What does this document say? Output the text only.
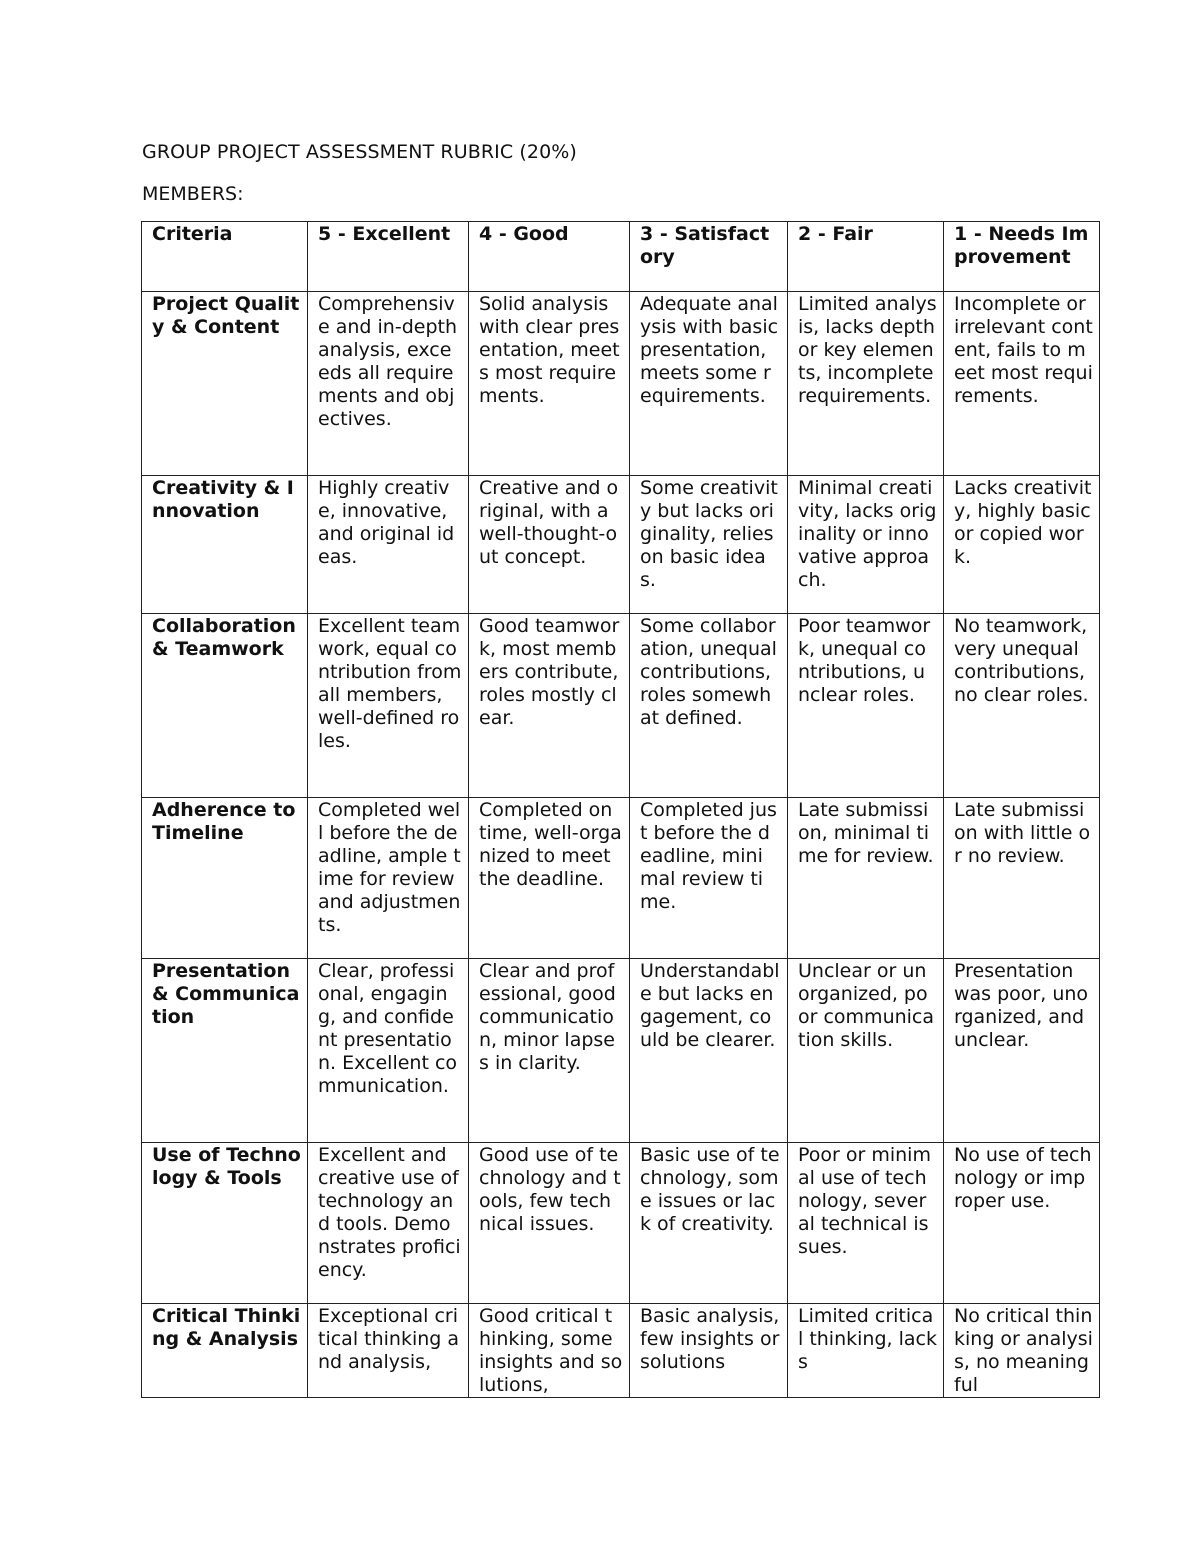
GROUP PROJECT ASSESSMENT RUBRIC (20%)
MEMBERS:
Criteria	5 - Excellent	4 - Good	3 - Satisfactory	2 - Fair	1 - Needs Improvement
Project Quality & Content	Comprehensive and in-depth analysis, exceeds all requirements and objectives.	Solid analysis with clear presentation, meets most requirements.	Adequate analysis with basic presentation, meets some requirements.	Limited analysis, lacks depth or key elements, incomplete requirements.	Incomplete or irrelevant content, fails to meet most requirements.
Creativity & Innovation	Highly creative, innovative, and original ideas.	Creative and original, with a well-thought-out concept.	Some creativity but lacks originality, relies on basic ideas.	Minimal creativity, lacks originality or innovative approach.	Lacks creativity, highly basic or copied work.
Collaboration & Teamwork	Excellent teamwork, equal contribution from all members, well-defined roles.	Good teamwork, most members contribute, roles mostly clear.	Some collaboration, unequal contributions, roles somewhat defined.	Poor teamwork, unequal contributions, unclear roles.	No teamwork, very unequal contributions, no clear roles.
Adherence to Timeline	Completed well before the deadline, ample time for review and adjustments.	Completed on time, well-organized to meet the deadline.	Completed just before the deadline, minimal review time.	Late submission, minimal time for review.	Late submission with little or no review.
Presentation & Communication	Clear, professional, engaging, and confident presentation. Excellent communication.	Clear and professional, good communication, minor lapses in clarity.	Understandable but lacks engagement, could be clearer.	Unclear or unorganized, poor communication skills.	Presentation was poor, unorganized, and unclear.
Use of Technology & Tools	Excellent and creative use of technology and tools. Demonstrates proficiency.	Good use of technology and tools, few technical issues.	Basic use of technology, some issues or lack of creativity.	Poor or minimal use of technology, several technical issues.	No use of technology or improper use.
Critical Thinking & Analysis	Exceptional critical thinking and analysis,	Good critical thinking, some insights and solutions,	Basic analysis, few insights or solutions	Limited critical thinking, lacks	No critical thinking or analysis, no meaningful
